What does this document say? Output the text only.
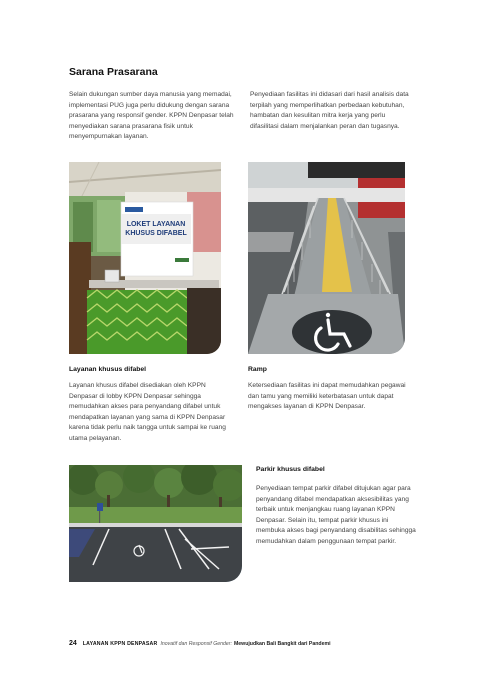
Sarana Prasarana

Selain dukungan sumber daya manusia yang memadai, implementasi PUG juga perlu didukung dengan sarana prasarana yang responsif gender. KPPN Denpasar telah menyediakan sarana prasarana fisik untuk menyempurnakan layanan.

Penyediaan fasilitas ini didasari dari hasil analisis data terpilah yang memperlihatkan perbedaan kebutuhan, hambatan dan kesulitan mitra kerja yang perlu difasilitasi dalam menjalankan peran dan tugasnya.

LOKET LAYANAN
KHUSUS DIFABEL
Layanan khusus difabel	Ramp

Layanan khusus difabel disediakan oleh KPPN Denpasar di lobby KPPN Denpasar sehingga memudahkan akses para penyandang difabel untuk mendapatkan layanan yang sama di KPPN Denpasar karena tidak perlu naik tangga untuk sampai ke ruang utama pelayanan.

Ketersediaan fasilitas ini dapat memudahkan pegawai dan tamu yang memiliki keterbatasan untuk dapat mengakses layanan di KPPN Denpasar.

Parkir khusus difabel

Penyediaan tempat parkir difabel ditujukan agar para penyandang difabel mendapatkan aksesibilitas yang terbaik untuk menjangkau ruang layanan KPPN Denpasar. Selain itu, tempat parkir khusus ini membuka akses bagi penyandang disabilitas sehingga memudahkan dalam penggunaan tempat parkir.

24 LAYANAN KPPN DENPASAR Inovatif dan Responsif Gender: Mewujudkan Bali Bangkit dari Pandemi
